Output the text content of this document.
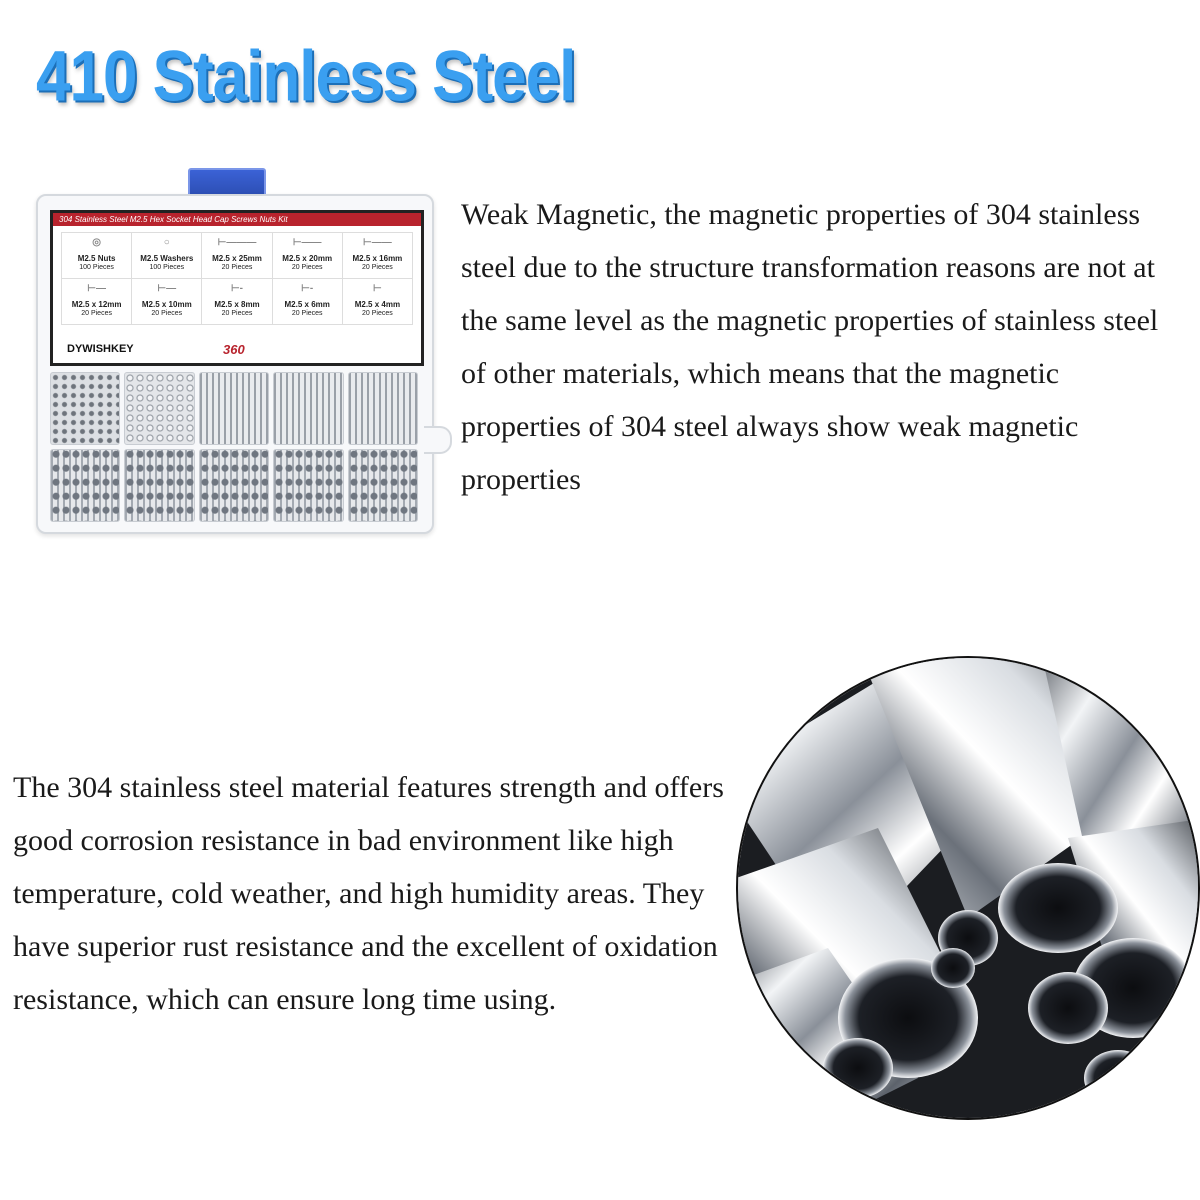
410 Stainless Steel
304 Stainless Steel M2.5 Hex Socket Head Cap Screws Nuts Kit
◎
M2.5 Nuts
100 Pieces
○
M2.5 Washers
100 Pieces
⊢———
M2.5 x 25mm
20 Pieces
⊢——
M2.5 x 20mm
20 Pieces
⊢——
M2.5 x 16mm
20 Pieces
⊢—
M2.5 x 12mm
20 Pieces
⊢—
M2.5 x 10mm
20 Pieces
⊢-
M2.5 x 8mm
20 Pieces
⊢-
M2.5 x 6mm
20 Pieces
⊢
M2.5 x 4mm
20 Pieces
DYWISHKEY	360
Weak Magnetic, the magnetic properties of 304 stainless steel due to the structure transformation reasons are not at the same level as the magnetic properties of stainless steel of other materials, which means that the magnetic properties of 304 steel always show weak magnetic properties
The 304 stainless steel material features strength and offers good corrosion resistance in bad environment like high temperature, cold weather, and high humidity areas. They have superior rust resistance and the excellent of oxidation resistance, which can ensure long time using.
